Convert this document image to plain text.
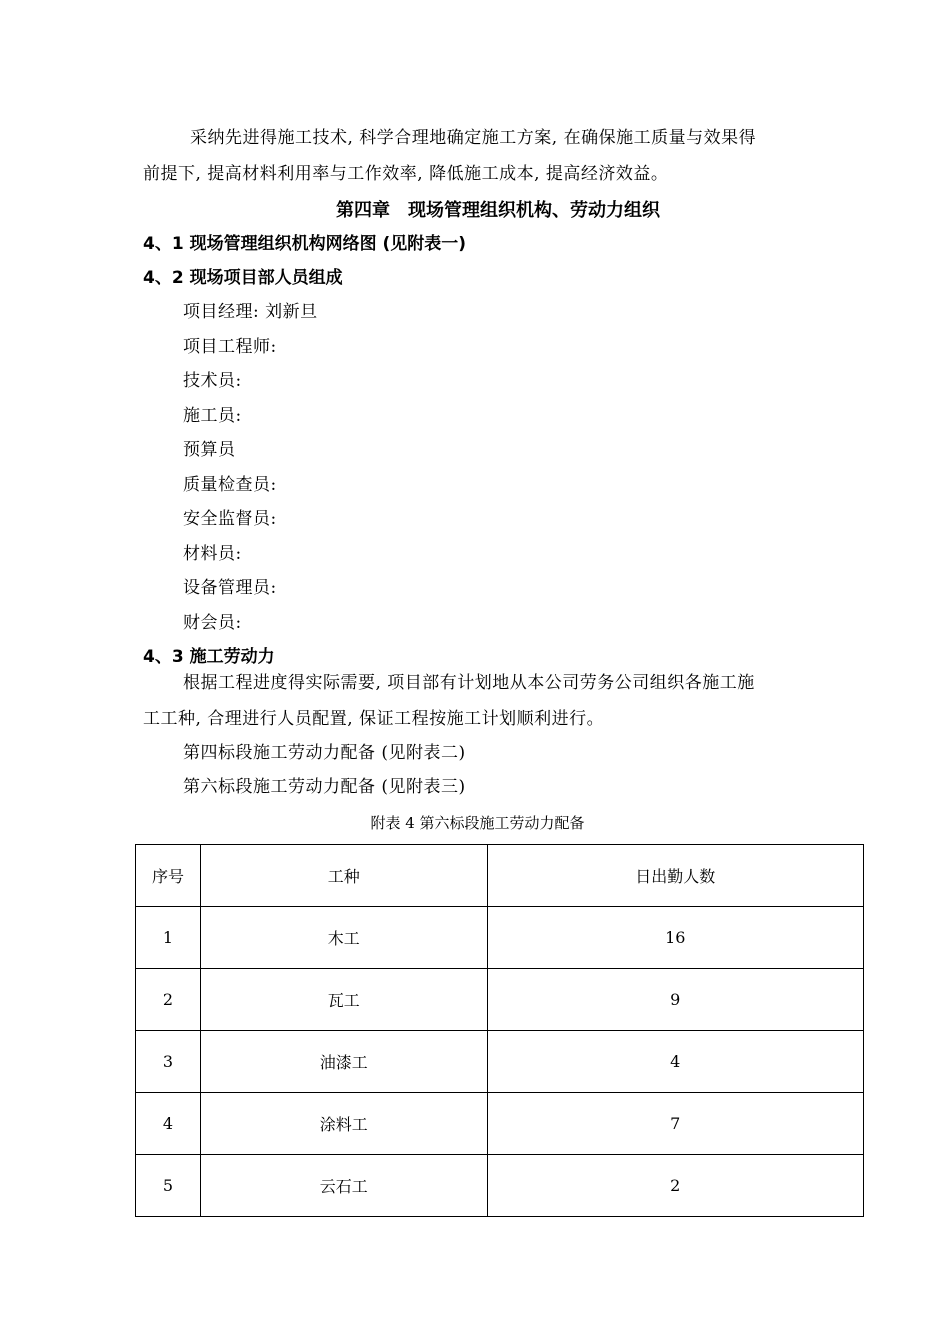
采纳先进得施工技术, 科学合理地确定施工方案, 在确保施工质量与效果得
前提下, 提高材料利用率与工作效率, 降低施工成本, 提高经济效益。
第四章　现场管理组织机构、劳动力组织
4、1 现场管理组织机构网络图 (见附表一)
4、2 现场项目部人员组成
项目经理: 刘新旦
项目工程师:
技术员:
施工员:
预算员
质量检查员:
安全监督员:
材料员:
设备管理员:
财会员:
4、3 施工劳动力
根据工程进度得实际需要, 项目部有计划地从本公司劳务公司组织各施工施
工工种, 合理进行人员配置, 保证工程按施工计划顺利进行。
第四标段施工劳动力配备 (见附表二)
第六标段施工劳动力配备 (见附表三)
附表 4 第六标段施工劳动力配备
序号	工种	日出勤人数
1	木工	16
2	瓦工	9
3	油漆工	4
4	涂料工	7
5	云石工	2
